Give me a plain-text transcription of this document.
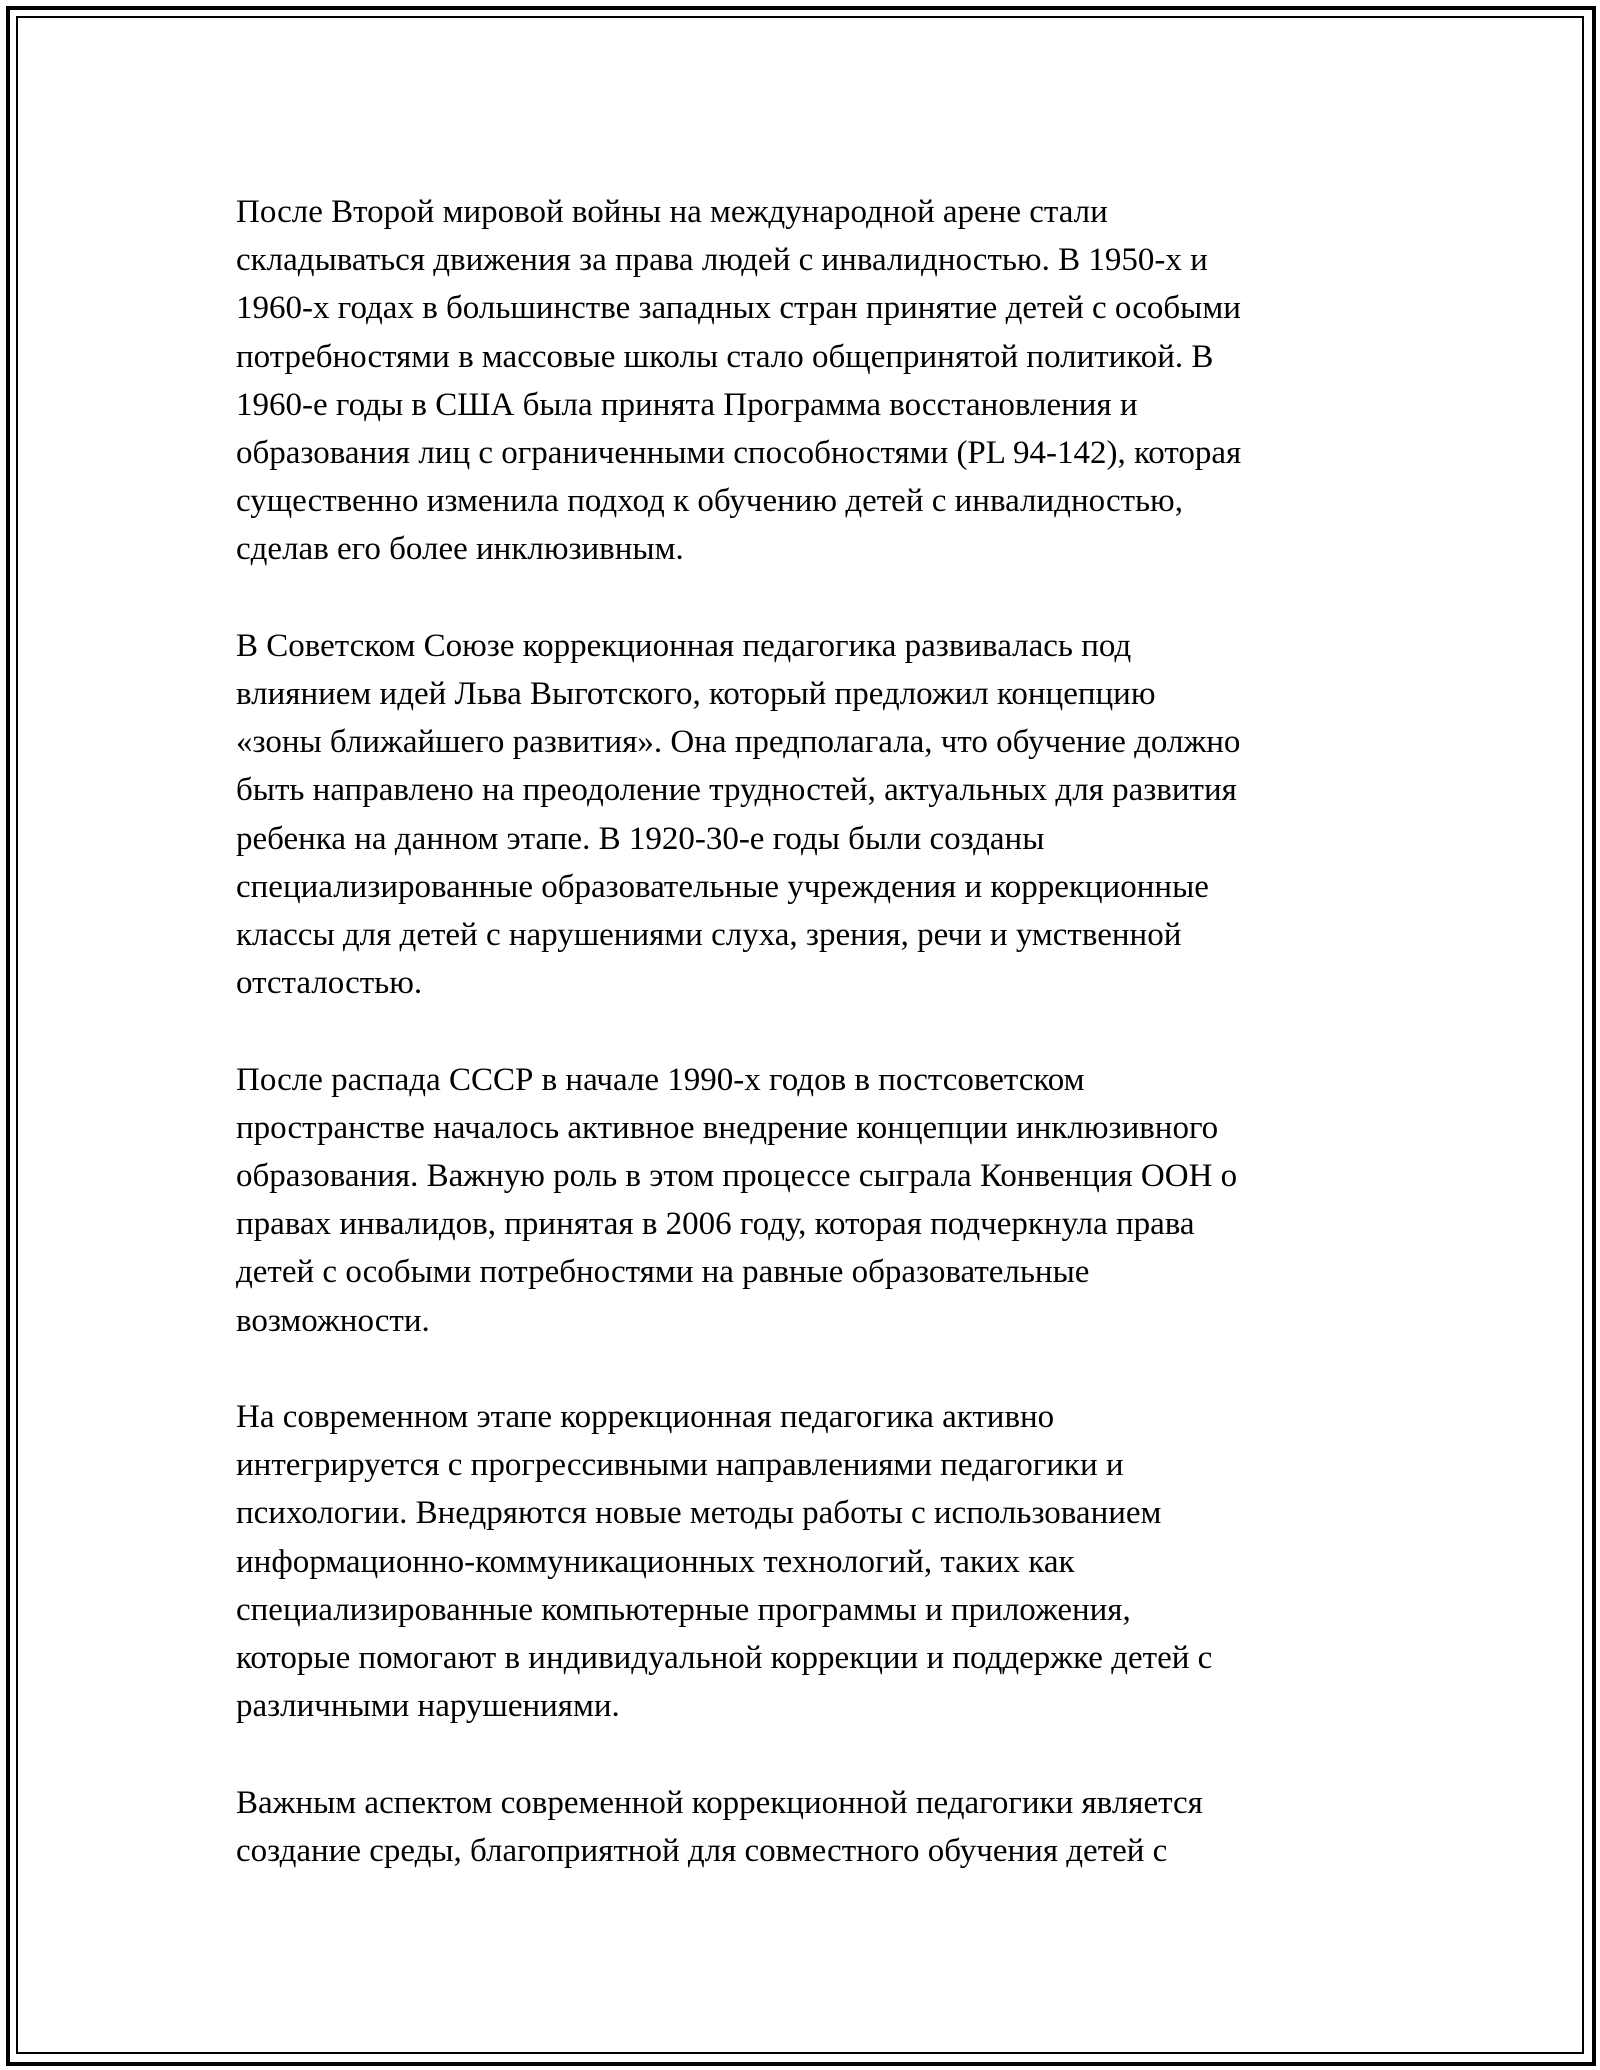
После Второй мировой войны на международной арене стали
складываться движения за права людей с инвалидностью. В 1950-х и
1960-х годах в большинстве западных стран принятие детей с особыми
потребностями в массовые школы стало общепринятой политикой. В
1960-е годы в США была принята Программа восстановления и
образования лиц с ограниченными способностями (PL 94-142), которая
существенно изменила подход к обучению детей с инвалидностью,
сделав его более инклюзивным.

В Советском Союзе коррекционная педагогика развивалась под
влиянием идей Льва Выготского, который предложил концепцию
«зоны ближайшего развития». Она предполагала, что обучение должно
быть направлено на преодоление трудностей, актуальных для развития
ребенка на данном этапе. В 1920-30-е годы были созданы
специализированные образовательные учреждения и коррекционные
классы для детей с нарушениями слуха, зрения, речи и умственной
отсталостью.

После распада СССР в начале 1990-х годов в постсоветском
пространстве началось активное внедрение концепции инклюзивного
образования. Важную роль в этом процессе сыграла Конвенция ООН о
правах инвалидов, принятая в 2006 году, которая подчеркнула права
детей с особыми потребностями на равные образовательные
возможности.

На современном этапе коррекционная педагогика активно
интегрируется с прогрессивными направлениями педагогики и
психологии. Внедряются новые методы работы с использованием
информационно-коммуникационных технологий, таких как
специализированные компьютерные программы и приложения,
которые помогают в индивидуальной коррекции и поддержке детей с
различными нарушениями.

Важным аспектом современной коррекционной педагогики является
создание среды, благоприятной для совместного обучения детей с
